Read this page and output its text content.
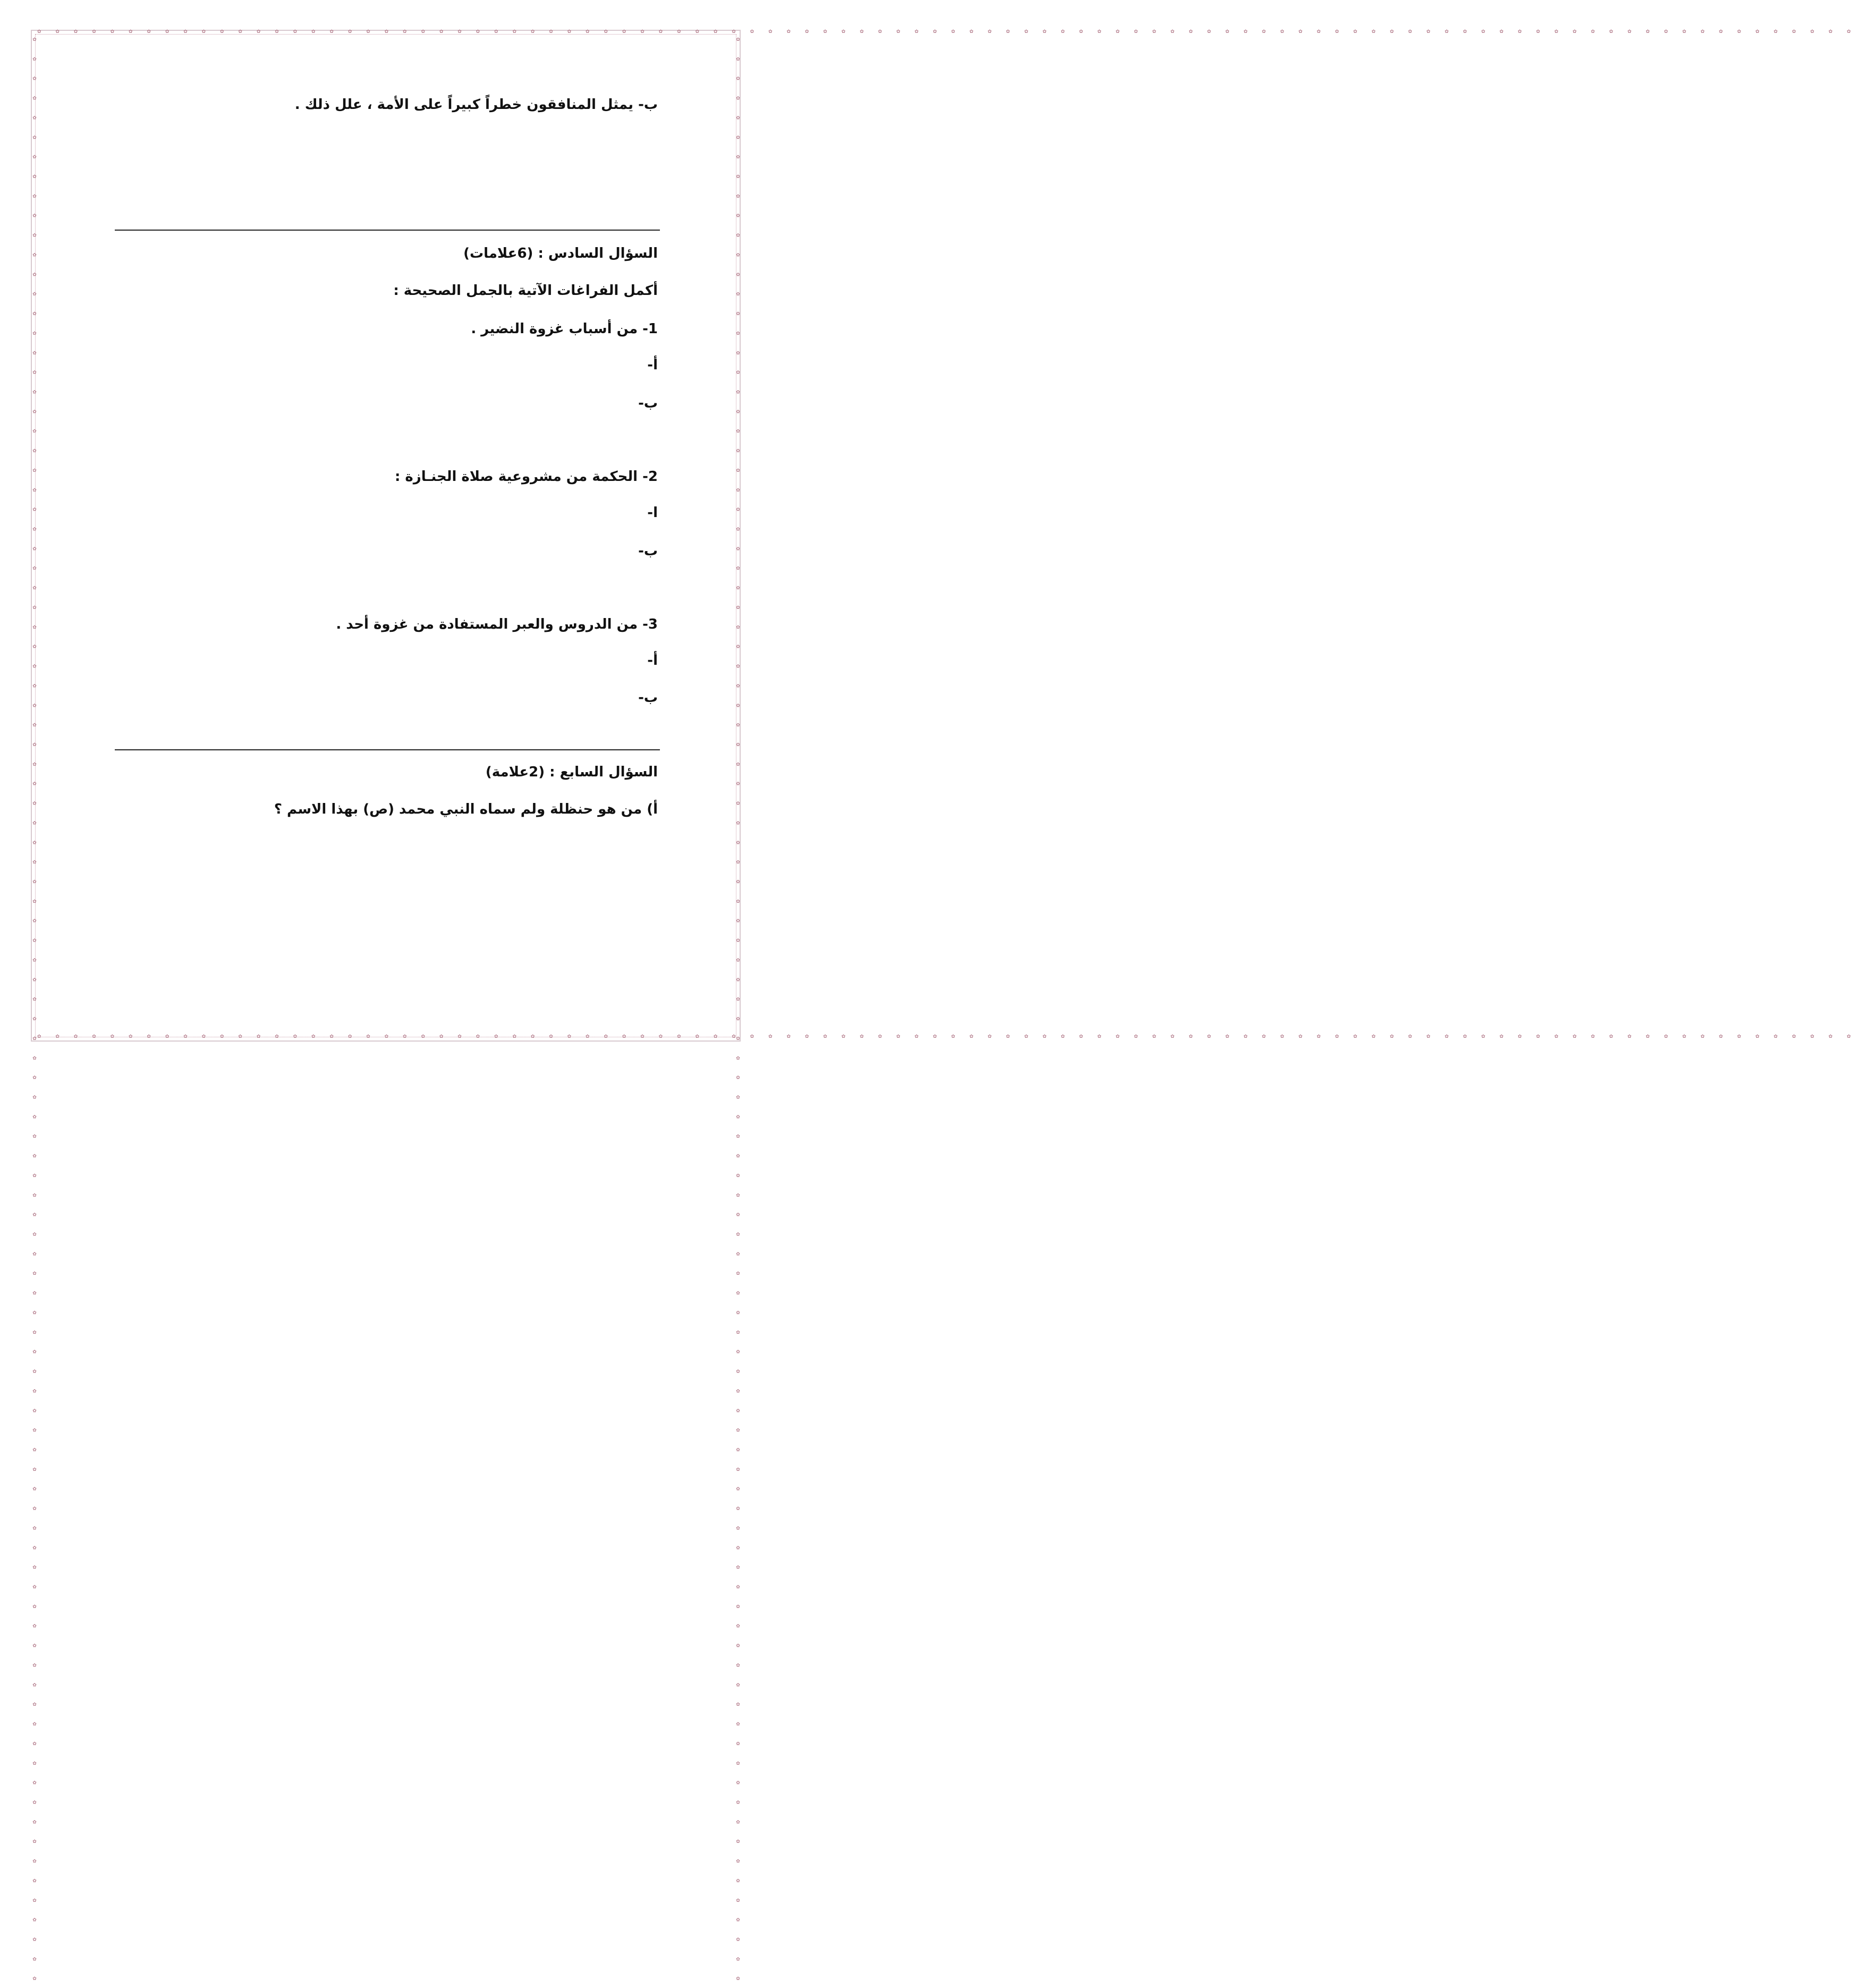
✿ ✿ ✿ ✿ ✿ ✿ ✿ ✿ ✿ ✿ ✿ ✿ ✿ ✿ ✿ ✿ ✿ ✿ ✿ ✿ ✿ ✿ ✿ ✿ ✿ ✿ ✿ ✿ ✿ ✿ ✿ ✿ ✿ ✿ ✿ ✿ ✿ ✿ ✿ ✿ ✿ ✿ ✿ ✿ ✿ ✿ ✿ ✿ ✿ ✿ ✿ ✿ ✿ ✿ ✿ ✿ ✿ ✿ ✿ ✿ ✿ ✿ ✿ ✿ ✿ ✿ ✿ ✿ ✿ ✿ ✿ ✿ ✿ ✿ ✿ ✿ ✿ ✿ ✿ ✿ ✿ ✿ ✿ ✿ ✿ ✿ ✿ ✿ ✿ ✿ ✿ ✿ ✿ ✿ ✿ ✿ ✿ ✿ ✿ ✿
✿ ✿ ✿ ✿ ✿ ✿ ✿ ✿ ✿ ✿ ✿ ✿ ✿ ✿ ✿ ✿ ✿ ✿ ✿ ✿ ✿ ✿ ✿ ✿ ✿ ✿ ✿ ✿ ✿ ✿ ✿ ✿ ✿ ✿ ✿ ✿ ✿ ✿ ✿ ✿ ✿ ✿ ✿ ✿ ✿ ✿ ✿ ✿ ✿ ✿ ✿ ✿ ✿ ✿ ✿ ✿ ✿ ✿ ✿ ✿ ✿ ✿ ✿ ✿ ✿ ✿ ✿ ✿ ✿ ✿ ✿ ✿ ✿ ✿ ✿ ✿ ✿ ✿ ✿ ✿ ✿ ✿ ✿ ✿ ✿ ✿ ✿ ✿ ✿ ✿ ✿ ✿ ✿ ✿ ✿ ✿ ✿ ✿ ✿ ✿
✿ ✿ ✿ ✿ ✿ ✿ ✿ ✿ ✿ ✿ ✿ ✿ ✿ ✿ ✿ ✿ ✿ ✿ ✿ ✿ ✿ ✿ ✿ ✿ ✿ ✿ ✿ ✿ ✿ ✿ ✿ ✿ ✿ ✿ ✿ ✿ ✿ ✿ ✿ ✿ ✿ ✿ ✿ ✿ ✿ ✿ ✿ ✿ ✿ ✿ ✿ ✿ ✿ ✿ ✿ ✿ ✿ ✿ ✿ ✿ ✿ ✿ ✿ ✿ ✿ ✿ ✿ ✿ ✿ ✿ ✿ ✿ ✿ ✿ ✿ ✿ ✿ ✿ ✿ ✿ ✿ ✿ ✿ ✿ ✿ ✿ ✿ ✿ ✿ ✿ ✿ ✿ ✿ ✿ ✿ ✿ ✿ ✿ ✿ ✿	✿ ✿ ✿ ✿ ✿ ✿ ✿ ✿ ✿ ✿ ✿ ✿ ✿ ✿ ✿ ✿ ✿ ✿ ✿ ✿ ✿ ✿ ✿ ✿ ✿ ✿ ✿ ✿ ✿ ✿ ✿ ✿ ✿ ✿ ✿ ✿ ✿ ✿ ✿ ✿ ✿ ✿ ✿ ✿ ✿ ✿ ✿ ✿ ✿ ✿ ✿ ✿ ✿ ✿ ✿ ✿ ✿ ✿ ✿ ✿ ✿ ✿ ✿ ✿ ✿ ✿ ✿ ✿ ✿ ✿ ✿ ✿ ✿ ✿ ✿ ✿ ✿ ✿ ✿ ✿ ✿ ✿ ✿ ✿ ✿ ✿ ✿ ✿ ✿ ✿ ✿ ✿ ✿ ✿ ✿ ✿ ✿ ✿ ✿ ✿
ب- يمثل المنافقون خطراً كبيراً على الأمة ، علل ذلك .
السؤال السادس : (6علامات)
أكمل الفراغات الآتية بالجمل الصحيحة :
1- من أسباب غزوة النضير .
أ-
ب-
2- الحكمة من مشروعية صلاة الجنـازة :
ا-
ب-
3- من الدروس والعبر المستفادة من غزوة أحد .
أ-
ب-
السؤال السابع : (2علامة)
أ) من هو حنظلة ولم سماه النبي محمد (ص) بهذا الاسم ؟
